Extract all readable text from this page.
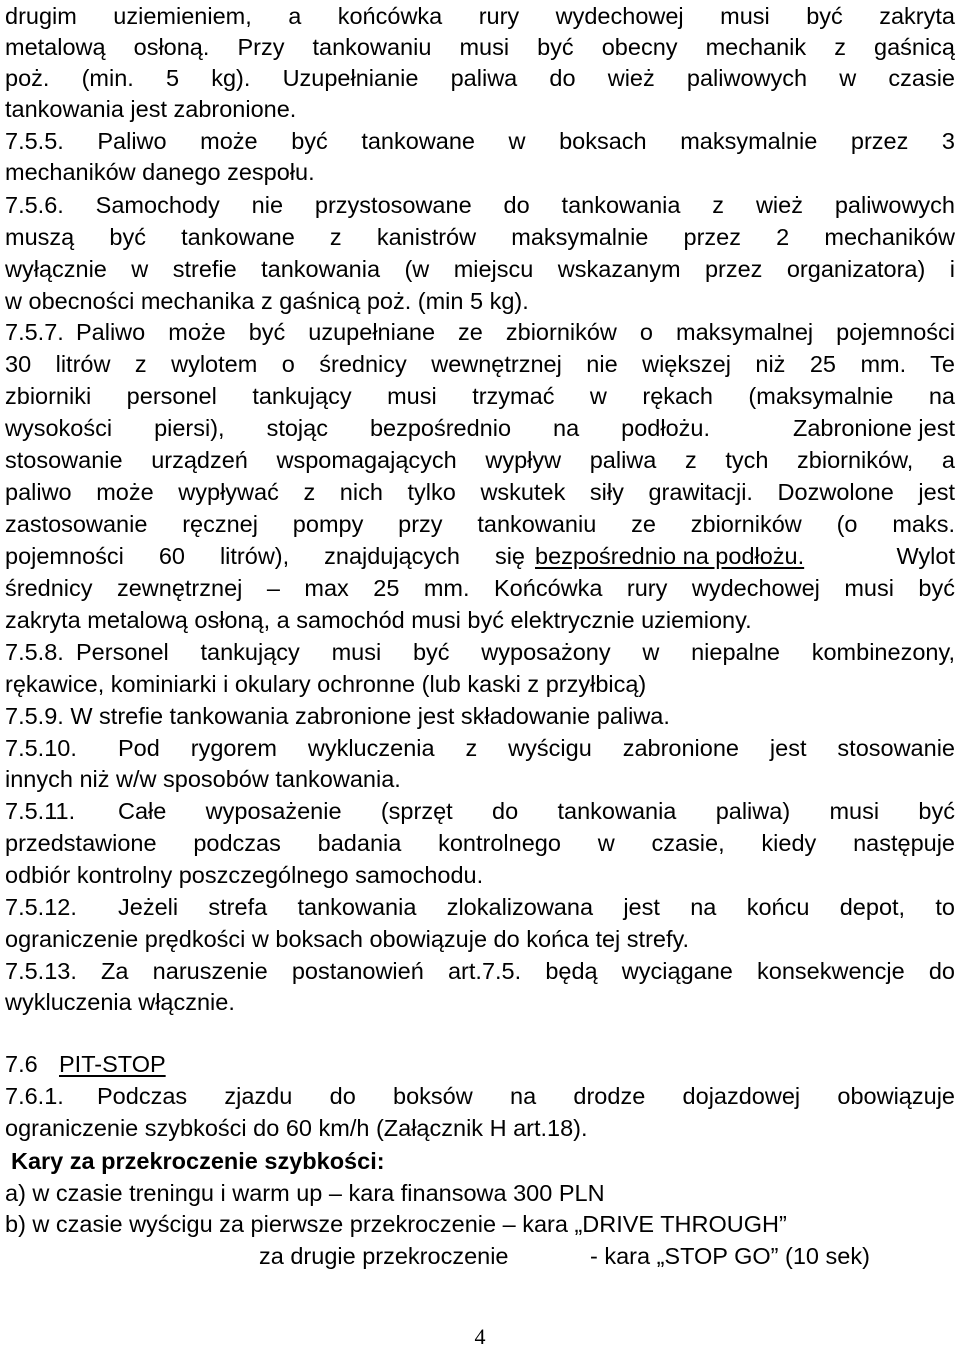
drugim uziemieniem, a końcówka rury wydechowej musi być zakryta
metalową osłoną. Przy tankowaniu musi być obecny mechanik z gaśnicą
poż. (min. 5 kg). Uzupełnianie paliwa do wież paliwowych w czasie
tankowania jest zabronione.
7.5.5. Paliwo może być tankowane w boksach maksymalnie przez 3
mechaników danego zespołu.
7.5.6. Samochody nie przystosowane do tankowania z wież paliwowych
muszą być tankowane z kanistrów maksymalnie przez 2 mechaników
wyłącznie w strefie tankowania (w miejscu wskazanym przez organizatora) i
w obecności mechanika z gaśnicą poż. (min 5 kg).
7.5.7. Paliwo może być uzupełniane ze zbiorników o maksymalnej pojemności
30 litrów z wylotem o średnicy wewnętrznej nie większej niż 25 mm. Te
zbiorniki personel tankujący musi trzymać w rękach (maksymalnie na
wysokości piersi), stojąc bezpośrednio na podłożu.	Zabronione jest
stosowanie urządzeń wspomagających wypływ paliwa z tych zbiorników, a
paliwo może wypływać z nich tylko wskutek siły grawitacji. Dozwolone jest
zastosowanie ręcznej pompy przy tankowaniu ze zbiorników (o maks.
pojemności 60 litrów), znajdujących się bezpośrednio na podłożu.	Wylot
średnicy zewnętrznej – max 25 mm. Końcówka rury wydechowej musi być
zakryta metalową osłoną, a samochód musi być elektrycznie uziemiony.
7.5.8. Personel tankujący musi być wyposażony w niepalne kombinezony,
rękawice, kominiarki i okulary ochronne (lub kaski z przyłbicą)
7.5.9. W strefie tankowania zabronione jest składowanie paliwa.
7.5.10.	Pod rygorem wykluczenia z wyścigu zabronione jest stosowanie
innych niż w/w sposobów tankowania.
7.5.11.	Całe wyposażenie (sprzęt do tankowania paliwa) musi być
przedstawione podczas badania kontrolnego w czasie, kiedy następuje
odbiór kontrolny poszczególnego samochodu.
7.5.12.	Jeżeli strefa tankowania zlokalizowana jest na końcu depot, to
ograniczenie prędkości w boksach obowiązuje do końca tej strefy.
7.5.13. Za naruszenie postanowień art.7.5. będą wyciągane konsekwencje do
wykluczenia włącznie.
7.6 PIT-STOP
7.6.1.	Podczas zjazdu do boksów na drodze dojazdowej obowiązuje
ograniczenie szybkości do 60 km/h (Załącznik H art.18).
Kary za przekroczenie szybkości:
a) w czasie treningu i warm up – kara finansowa 300 PLN
b) w czasie wyścigu za pierwsze przekroczenie – kara „DRIVE THROUGH”
za drugie przekroczenie	- kara „STOP GO” (10 sek)
4
